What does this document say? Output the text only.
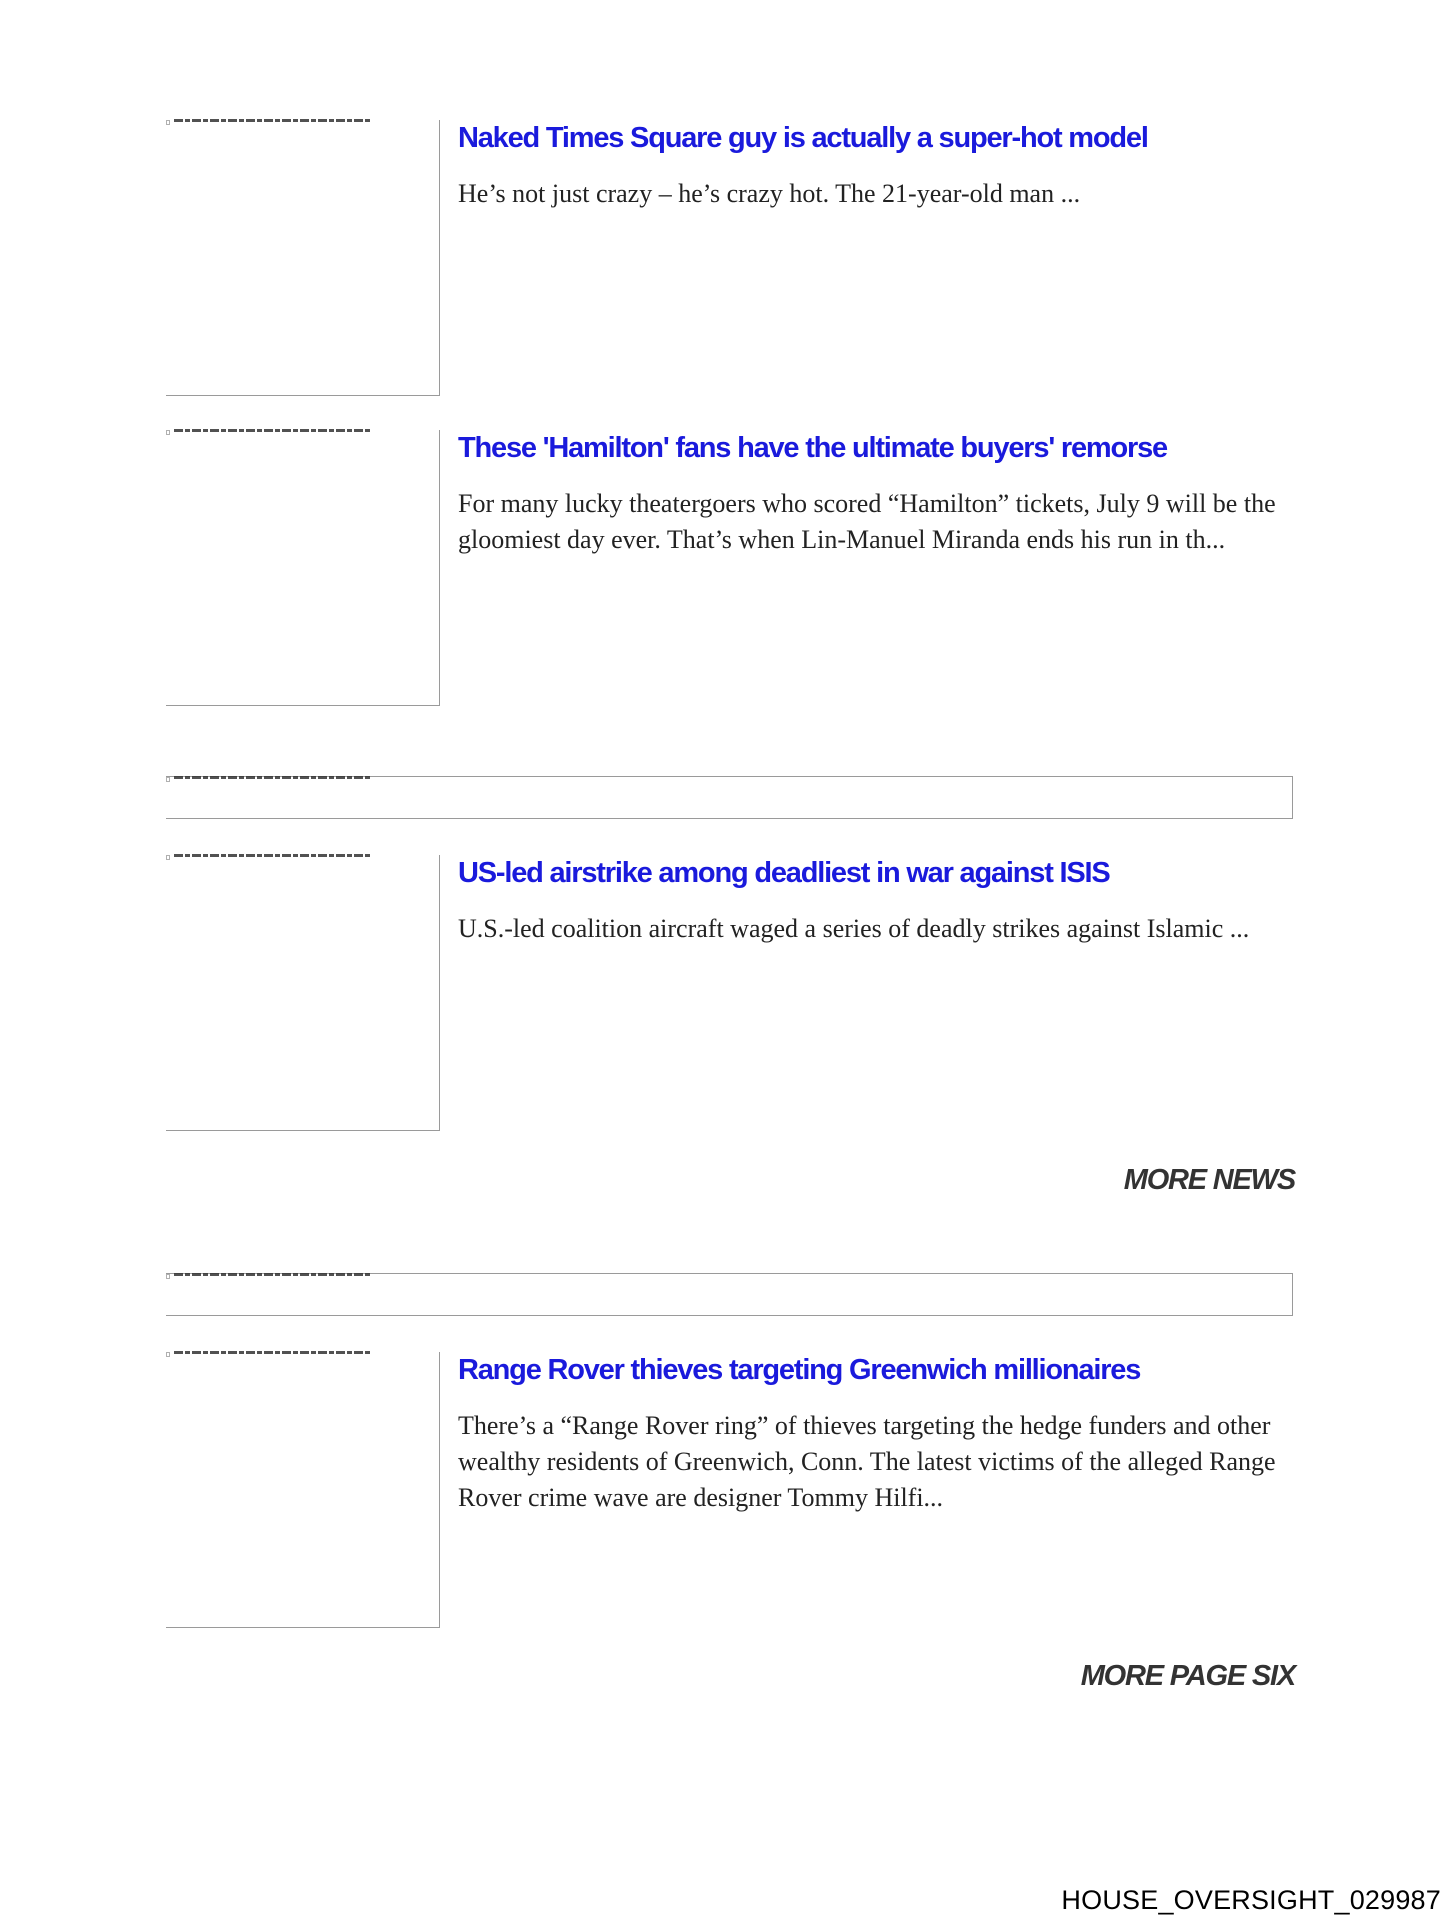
Naked Times Square guy is actually a super-hot model

He’s not just crazy – he’s crazy hot. The 21-year-old man ...

These 'Hamilton' fans have the ultimate buyers' remorse

For many lucky theatergoers who scored “Hamilton” tickets, July 9 will be the gloomiest day ever. That’s when Lin-Manuel Miranda ends his run in th...

US-led airstrike among deadliest in war against ISIS

U.S.-led coalition aircraft waged a series of deadly strikes against Islamic ...

MORE NEWS
Range Rover thieves targeting Greenwich millionaires

There’s a “Range Rover ring” of thieves targeting the hedge funders and other wealthy residents of Greenwich, Conn. The latest victims of the alleged Range Rover crime wave are designer Tommy Hilfi...

MORE PAGE SIX
HOUSE_OVERSIGHT_029987
